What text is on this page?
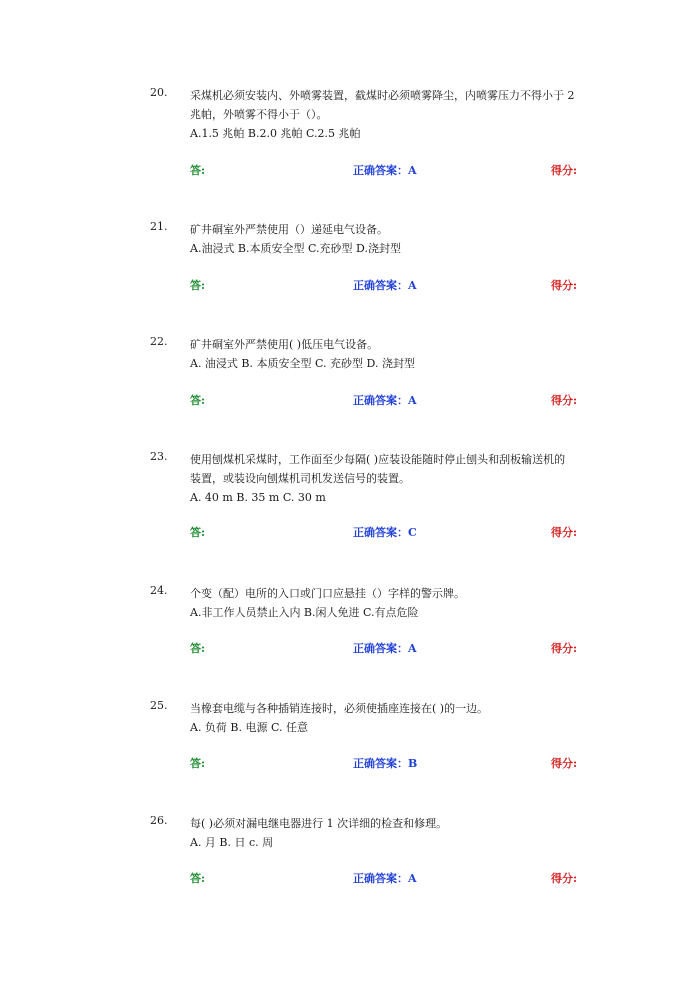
20. 采煤机必须安装内、外喷雾装置，截煤时必须喷雾降尘，内喷雾压力不得小于 2
兆帕，外喷雾不得小于（）。
A.1.5 兆帕 B.2.0 兆帕 C.2.5 兆帕
答:	正确答案：A	得分:
21. 矿井硐室外严禁使用（）递延电气设备。
A.油浸式 B.本质安全型 C.充砂型 D.浇封型
答:	正确答案：A	得分:
22. 矿井硐室外严禁使用( )低压电气设备。
A. 油浸式 B. 本质安全型 C. 充砂型 D. 浇封型
答:	正确答案：A	得分:
23. 使用刨煤机采煤时，工作面至少每隔( )应装设能随时停止刨头和刮板输送机的
装置，或装设向刨煤机司机发送信号的装置。
A. 40 m B. 35 m C. 30 m
答:	正确答案：C	得分:
24. 个变（配）电所的入口或门口应悬挂（）字样的警示牌。
A.非工作人员禁止入内 B.闲人免进 C.有点危险
答:	正确答案：A	得分:
25. 当橡套电缆与各种插销连接时，必须使插座连接在( )的一边。
A. 负荷 B. 电源 C. 任意
答:	正确答案：B	得分:
26. 每( )必须对漏电继电器进行 1 次详细的检查和修理。
A. 月 B. 日 c. 周
答:	正确答案：A	得分:
